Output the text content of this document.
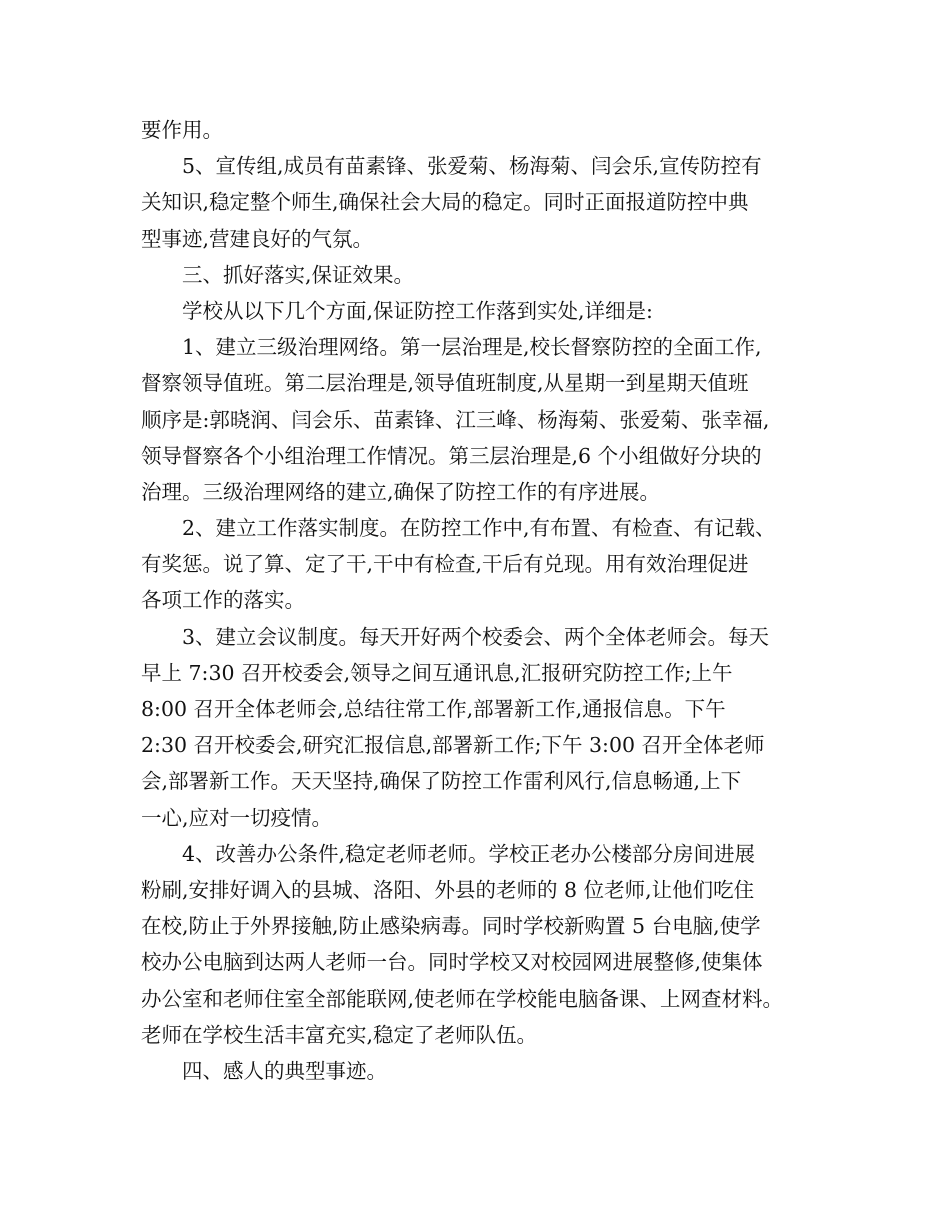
要作用。
5、宣传组,成员有苗素锋、张爱菊、杨海菊、闫会乐,宣传防控有
关知识,稳定整个师生,确保社会大局的稳定。同时正面报道防控中典
型事迹,营建良好的气氛。
三、抓好落实,保证效果。
学校从以下几个方面,保证防控工作落到实处,详细是:
1、建立三级治理网络。第一层治理是,校长督察防控的全面工作,
督察领导值班。第二层治理是,领导值班制度,从星期一到星期天值班
顺序是:郭晓润、闫会乐、苗素锋、江三峰、杨海菊、张爱菊、张幸福,
领导督察各个小组治理工作情况。第三层治理是,6 个小组做好分块的
治理。三级治理网络的建立,确保了防控工作的有序进展。
2、建立工作落实制度。在防控工作中,有布置、有检查、有记载、
有奖惩。说了算、定了干,干中有检查,干后有兑现。用有效治理促进
各项工作的落实。
3、建立会议制度。每天开好两个校委会、两个全体老师会。每天
早上 7:30 召开校委会,领导之间互通讯息,汇报研究防控工作;上午
8:00 召开全体老师会,总结往常工作,部署新工作,通报信息。下午
2:30 召开校委会,研究汇报信息,部署新工作;下午 3:00 召开全体老师
会,部署新工作。天天坚持,确保了防控工作雷利风行,信息畅通,上下
一心,应对一切疫情。
4、改善办公条件,稳定老师老师。学校正老办公楼部分房间进展
粉刷,安排好调入的县城、洛阳、外县的老师的 8 位老师,让他们吃住
在校,防止于外界接触,防止感染病毒。同时学校新购置 5 台电脑,使学
校办公电脑到达两人老师一台。同时学校又对校园网进展整修,使集体
办公室和老师住室全部能联网,使老师在学校能电脑备课、上网查材料。
老师在学校生活丰富充实,稳定了老师队伍。
四、感人的典型事迹。
